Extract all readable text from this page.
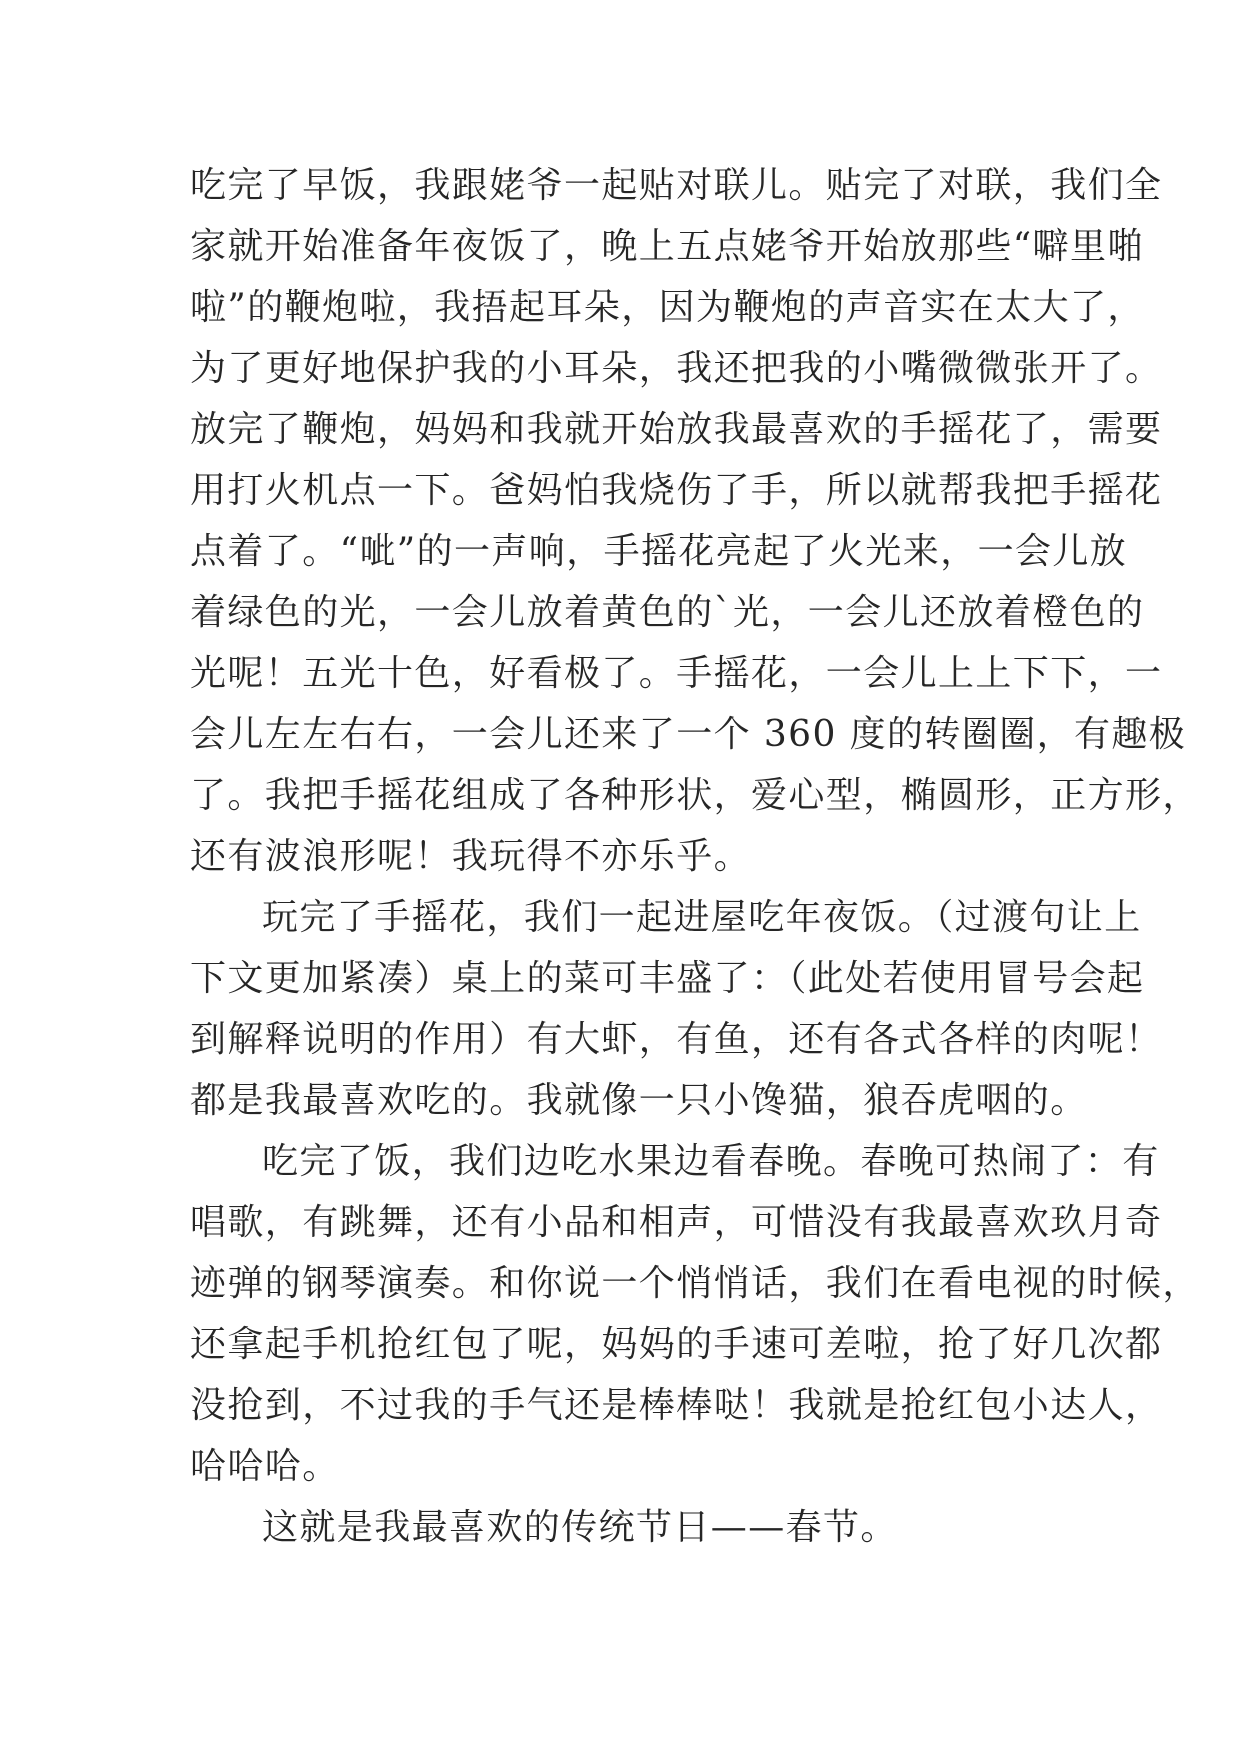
吃完了早饭，我跟姥爷一起贴对联儿。贴完了对联，我们全
家就开始准备年夜饭了，晚上五点姥爷开始放那些“噼里啪
啦”的鞭炮啦，我捂起耳朵，因为鞭炮的声音实在太大了，
为了更好地保护我的小耳朵，我还把我的小嘴微微张开了。
放完了鞭炮，妈妈和我就开始放我最喜欢的手摇花了，需要
用打火机点一下。爸妈怕我烧伤了手，所以就帮我把手摇花
点着了。“呲”的一声响，手摇花亮起了火光来，一会儿放
着绿色的光，一会儿放着黄色的`光，一会儿还放着橙色的
光呢！五光十色，好看极了。手摇花，一会儿上上下下，一
会儿左左右右，一会儿还来了一个 360 度的转圈圈，有趣极
了。我把手摇花组成了各种形状，爱心型，椭圆形，正方形，
还有波浪形呢！我玩得不亦乐乎。
玩完了手摇花，我们一起进屋吃年夜饭。（过渡句让上
下文更加紧凑）桌上的菜可丰盛了：（此处若使用冒号会起
到解释说明的作用）有大虾，有鱼，还有各式各样的肉呢！
都是我最喜欢吃的。我就像一只小馋猫，狼吞虎咽的。
吃完了饭，我们边吃水果边看春晚。春晚可热闹了：有
唱歌，有跳舞，还有小品和相声，可惜没有我最喜欢玖月奇
迹弹的钢琴演奏。和你说一个悄悄话，我们在看电视的时候，
还拿起手机抢红包了呢，妈妈的手速可差啦，抢了好几次都
没抢到，不过我的手气还是棒棒哒！我就是抢红包小达人，
哈哈哈。
这就是我最喜欢的传统节日——春节。
